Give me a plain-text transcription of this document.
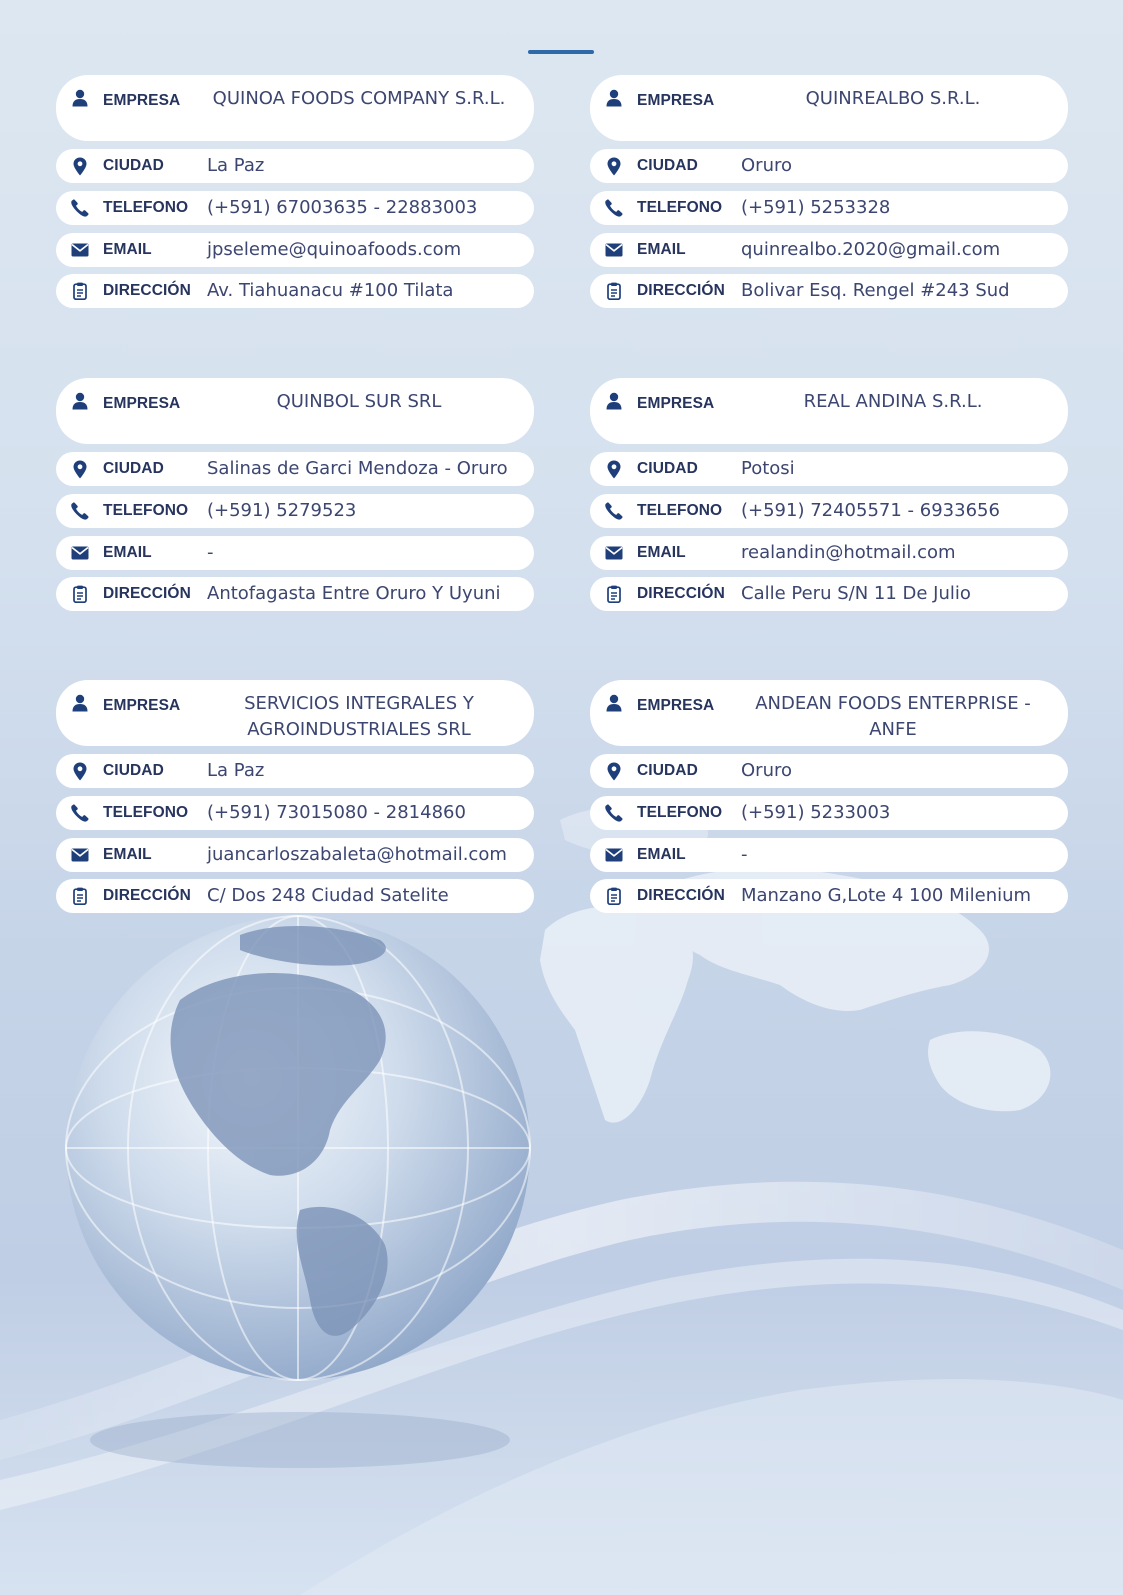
EMPRESA	QUINOA FOODS COMPANY S.R.L.
CIUDAD La Paz
TELEFONO (+591) 67003635 - 22883003
EMAIL	jpseleme@quinoafoods.com
DIRECCIÓN Av. Tiahuanacu #100 Tilata
EMPRESA	QUINREALBO S.R.L.
CIUDAD Oruro
TELEFONO (+591) 5253328
EMAIL	quinrealbo.2020@gmail.com
DIRECCIÓN Bolivar Esq. Rengel #243 Sud
EMPRESA	QUINBOL SUR SRL
CIUDAD Salinas de Garci Mendoza - Oruro
TELEFONO (+591) 5279523
EMAIL	-
DIRECCIÓN Antofagasta Entre Oruro Y Uyuni
EMPRESA	REAL ANDINA S.R.L.
CIUDAD Potosi
TELEFONO (+591) 72405571 - 6933656
EMAIL	realandin@hotmail.com
DIRECCIÓN Calle Peru S/N 11 De Julio
EMPRESA	SERVICIOS INTEGRALES Y AGROINDUSTRIALES SRL
CIUDAD La Paz
TELEFONO (+591) 73015080 - 2814860
EMAIL	juancarloszabaleta@hotmail.com
DIRECCIÓN C/ Dos 248 Ciudad Satelite
EMPRESA	ANDEAN FOODS ENTERPRISE - ANFE
CIUDAD Oruro
TELEFONO (+591) 5233003
EMAIL	-
DIRECCIÓN Manzano G,Lote 4 100 Milenium
